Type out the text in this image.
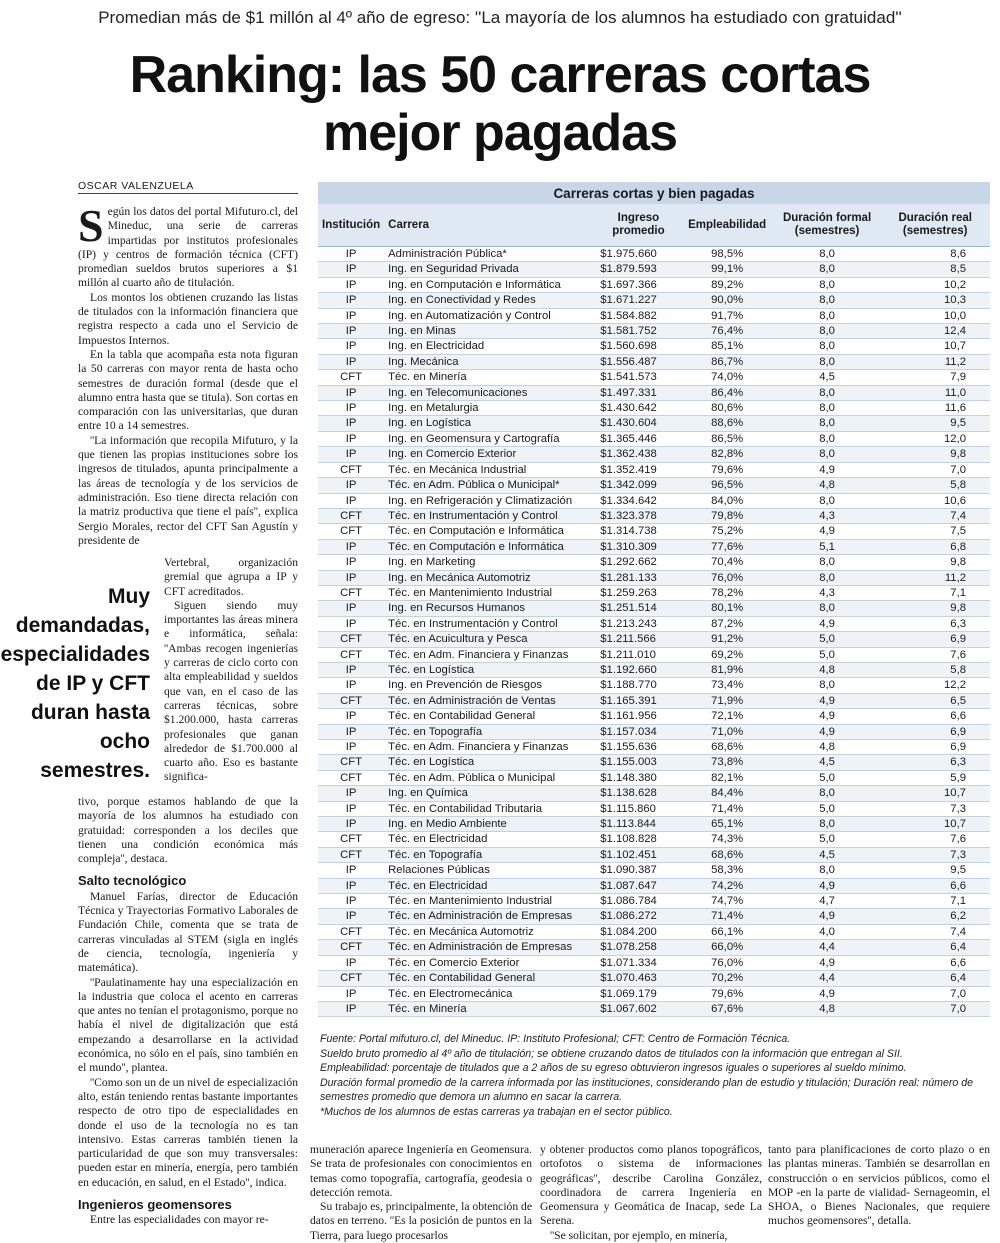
Promedian más de $1 millón al 4º año de egreso: ''La mayoría de los alumnos ha estudiado con gratuidad''
Ranking: las 50 carreras cortas
mejor pagadas
OSCAR VALENZUELA

Según los datos del portal Mifuturo.cl, del Mineduc, una serie de carreras impartidas por institutos profesionales (IP) y centros de formación técnica (CFT) promedian sueldos brutos superiores a $1 millón al cuarto año de titulación.

Los montos los obtienen cruzando las listas de titulados con la información financiera que registra respecto a cada uno el Servicio de Impuestos Internos.

En la tabla que acompaña esta nota figuran la 50 carreras con mayor renta de hasta ocho semestres de duración formal (desde que el alumno entra hasta que se titula). Son cortas en comparación con las universitarias, que duran entre 10 a 14 semestres.

''La información que recopila Mifuturo, y la que tienen las propias instituciones sobre los ingresos de titulados, apunta principalmente a las áreas de tecnología y de los servicios de administración. Eso tiene directa relación con la matriz productiva que tiene el país'', explica Sergio Morales, rector del CFT San Agustín y presidente de

Muy demandadas, especialidades de IP y CFT duran hasta ocho semestres.

Vertebral, organización gremial que agrupa a IP y CFT acreditados.

Siguen siendo muy importantes las áreas minera e informática, señala: ''Ambas recogen ingenierías y carreras de ciclo corto con alta empleabilidad y sueldos que van, en el caso de las carreras técnicas, sobre $1.200.000, hasta carreras profesionales que ganan alrededor de $1.700.000 al cuarto año. Eso es bastante significa-

tivo, porque estamos hablando de que la mayoría de los alumnos ha estudiado con gratuidad: corresponden a los deciles que tienen una condición económica más compleja'', destaca.

Salto tecnológico

Manuel Farías, director de Educación Técnica y Trayectorias Formativo Laborales de Fundación Chile, comenta que se trata de carreras vinculadas al STEM (sigla en inglés de ciencia, tecnología, ingeniería y matemática).

''Paulatinamente hay una especialización en la industria que coloca el acento en carreras que antes no tenían el protagonismo, porque no había el nivel de digitalización que está empezando a desarrollarse en la actividad económica, no sólo en el país, sino también en el mundo'', plantea.

''Como son un de un nivel de especialización alto, están teniendo rentas bastante importantes respecto de otro tipo de especialidades en donde el uso de la tecnología no es tan intensivo. Estas carreras también tienen la particularidad de que son muy transversales: pueden estar en minería, energía, pero también en educación, en salud, en el Estado'', indica.

Ingenieros geomensores

Entre las especialidades con mayor re-

Carreras cortas y bien pagadas
Institución	Carrera	Ingreso promedio	Empleabilidad	Duración formal (semestres)	Duración real (semestres)
IP	Administración Pública*	$1.975.660	98,5%	8,0	8,6
IP	Ing. en Seguridad Privada	$1.879.593	99,1%	8,0	8,5
IP	Ing. en Computación e Informática	$1.697.366	89,2%	8,0	10,2
IP	Ing. en Conectividad y Redes	$1.671.227	90,0%	8,0	10,3
IP	Ing. en Automatización y Control	$1.584.882	91,7%	8,0	10,0
IP	Ing. en Minas	$1.581.752	76,4%	8,0	12,4
IP	Ing. en Electricidad	$1.560.698	85,1%	8,0	10,7
IP	Ing. Mecánica	$1.556.487	86,7%	8,0	11,2
CFT	Téc. en Minería	$1.541.573	74,0%	4,5	7,9
IP	Ing. en Telecomunicaciones	$1.497.331	86,4%	8,0	11,0
IP	Ing. en Metalurgia	$1.430.642	80,6%	8,0	11,6
IP	Ing. en Logística	$1.430.604	88,6%	8,0	9,5
IP	Ing. en Geomensura y Cartografía	$1.365.446	86,5%	8,0	12,0
IP	Ing. en Comercio Exterior	$1.362.438	82,8%	8,0	9,8
CFT	Téc. en Mecánica Industrial	$1.352.419	79,6%	4,9	7,0
IP	Téc. en Adm. Pública o Municipal*	$1.342.099	96,5%	4,8	5,8
IP	Ing. en Refrigeración y Climatización	$1.334.642	84,0%	8,0	10,6
CFT	Téc. en Instrumentación y Control	$1.323.378	79,8%	4,3	7,4
CFT	Téc. en Computación e Informática	$1.314.738	75,2%	4,9	7,5
IP	Téc. en Computación e Informática	$1.310.309	77,6%	5,1	6,8
IP	Ing. en Marketing	$1.292.662	70,4%	8,0	9,8
IP	Ing. en Mecánica Automotriz	$1.281.133	76,0%	8,0	11,2
CFT	Téc. en Mantenimiento Industrial	$1.259.263	78,2%	4,3	7,1
IP	Ing. en Recursos Humanos	$1.251.514	80,1%	8,0	9,8
IP	Téc. en Instrumentación y Control	$1.213.243	87,2%	4,9	6,3
CFT	Téc. en Acuicultura y Pesca	$1.211.566	91,2%	5,0	6,9
CFT	Téc. en Adm. Financiera y Finanzas	$1.211.010	69,2%	5,0	7,6
IP	Téc. en Logística	$1.192.660	81,9%	4,8	5,8
IP	Ing. en Prevención de Riesgos	$1.188.770	73,4%	8,0	12,2
CFT	Téc. en Administración de Ventas	$1.165.391	71,9%	4,9	6,5
IP	Téc. en Contabilidad General	$1.161.956	72,1%	4,9	6,6
IP	Téc. en Topografía	$1.157.034	71,0%	4,9	6,9
IP	Téc. en Adm. Financiera y Finanzas	$1.155.636	68,6%	4,8	6,9
CFT	Téc. en Logística	$1.155.003	73,8%	4,5	6,3
CFT	Téc. en Adm. Pública o Municipal	$1.148.380	82,1%	5,0	5,9
IP	Ing. en Química	$1.138.628	84,4%	8,0	10,7
IP	Téc. en Contabilidad Tributaria	$1.115.860	71,4%	5,0	7,3
IP	Ing. en Medio Ambiente	$1.113.844	65,1%	8,0	10,7
CFT	Téc. en Electricidad	$1.108.828	74,3%	5,0	7,6
CFT	Téc. en Topografía	$1.102.451	68,6%	4,5	7,3
IP	Relaciones Públicas	$1.090.387	58,3%	8,0	9,5
IP	Téc. en Electricidad	$1.087.647	74,2%	4,9	6,6
IP	Téc. en Mantenimiento Industrial	$1.086.784	74,7%	4,7	7,1
IP	Téc. en Administración de Empresas	$1.086.272	71,4%	4,9	6,2
CFT	Téc. en Mecánica Automotriz	$1.084.200	66,1%	4,0	7,4
CFT	Téc. en Administración de Empresas	$1.078.258	66,0%	4,4	6,4
IP	Téc. en Comercio Exterior	$1.071.334	76,0%	4,9	6,6
CFT	Téc. en Contabilidad General	$1.070.463	70,2%	4,4	6,4
IP	Téc. en Electromecánica	$1.069.179	79,6%	4,9	7,0
IP	Téc. en Minería	$1.067.602	67,6%	4,8	7,0
Fuente: Portal mifuturo.cl, del Mineduc. IP: Instituto Profesional; CFT: Centro de Formación Técnica.
Sueldo bruto promedio al 4º año de titulación; se obtiene cruzando datos de titulados con la información que entregan al SII.
Empleabilidad: porcentaje de titulados que a 2 años de su egreso obtuvieron ingresos iguales o superiores al sueldo mínimo.
Duración formal promedio de la carrera informada por las instituciones, considerando plan de estudio y titulación; Duración real: número de semestres promedio que demora un alumno en sacar la carrera.
*Muchos de los alumnos de estas carreras ya trabajan en el sector público.

muneración aparece Ingeniería en Geomensura. Se trata de profesionales con conocimientos en temas como topografía, cartografía, geodesia o detección remota.

Su trabajo es, principalmente, la obtención de datos en terreno. ''Es la posición de puntos en la Tierra, para luego procesarlos

y obtener productos como planos topográficos, ortofotos o sistema de informaciones geográficas'', describe Carolina González, coordinadora de carrera Ingeniería en Geomensura y Geomática de Inacap, sede La Serena.

''Se solicitan, por ejemplo, en minería,

tanto para planificaciones de corto plazo o en las plantas mineras. También se desarrollan en construcción o en servicios públicos, como el MOP -en la parte de vialidad- Sernageomin, el SHOA, o Bienes Nacionales, que requiere muchos geomensores'', detalla.
